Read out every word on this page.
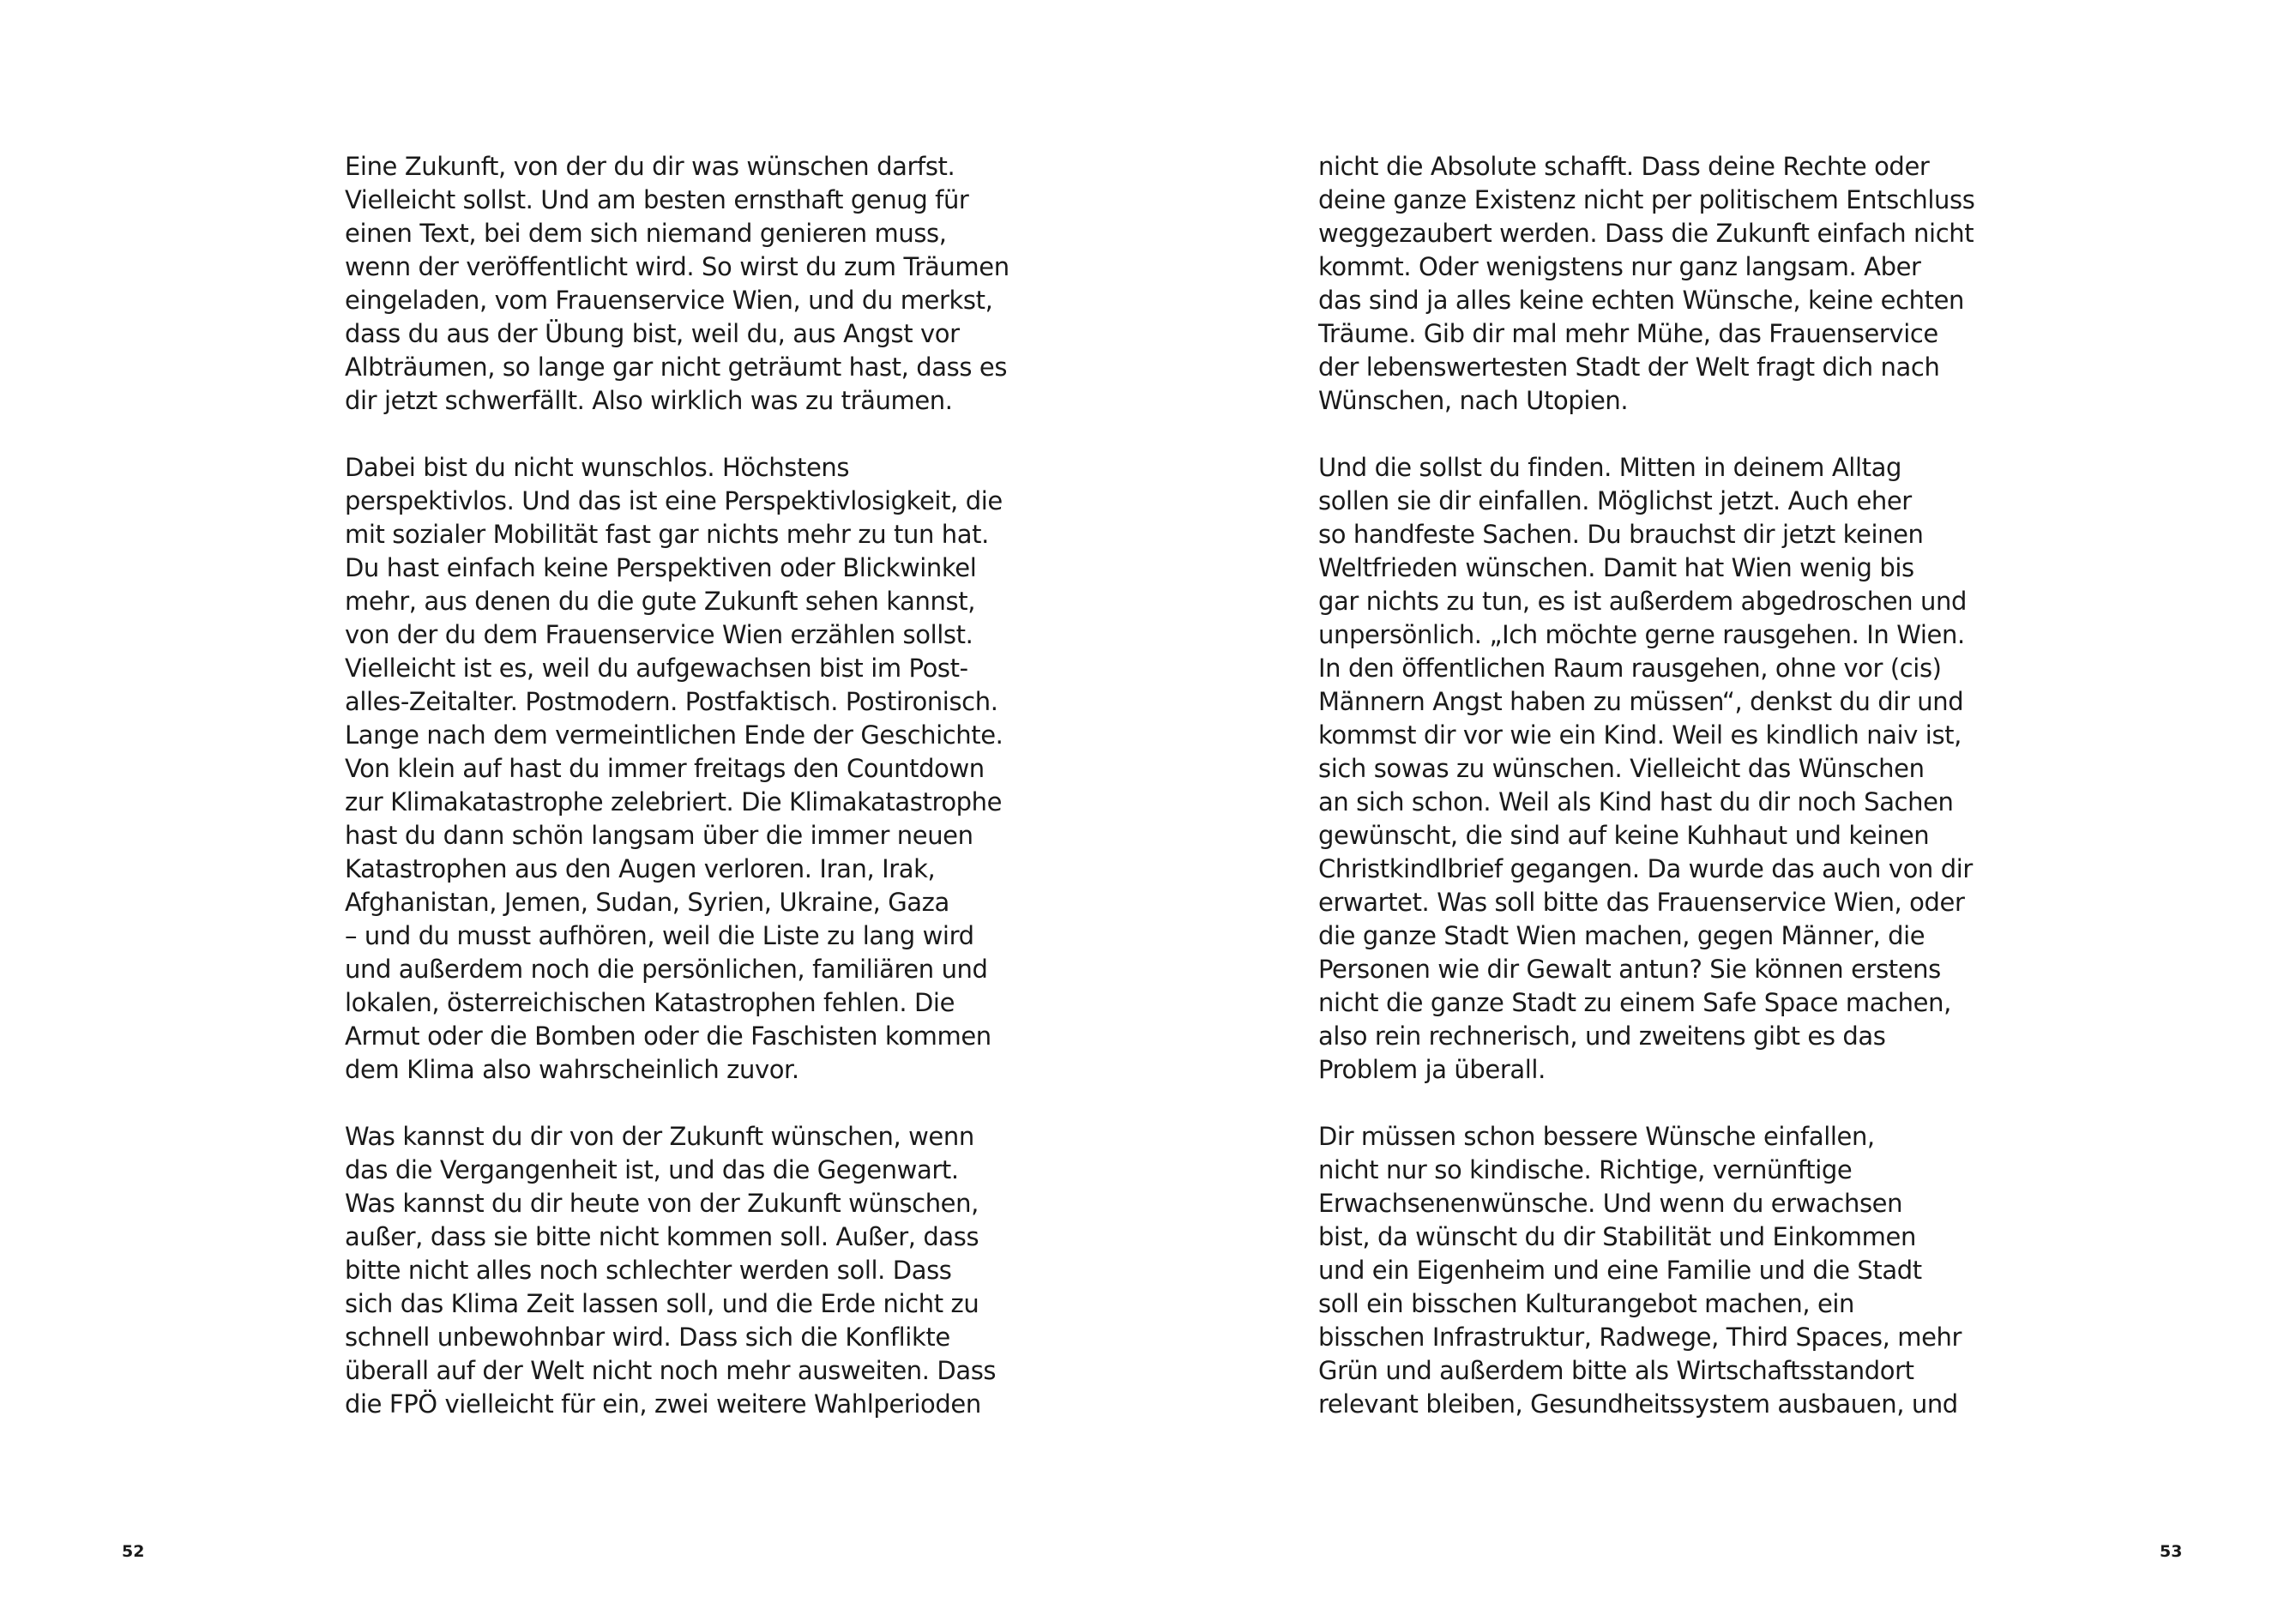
Eine Zukunft, von der du dir was wünschen darfst.
Vielleicht sollst. Und am besten ernsthaft genug für
einen Text, bei dem sich niemand genieren muss,
wenn der veröffentlicht wird. So wirst du zum Träumen
eingeladen, vom Frauenservice Wien, und du merkst,
dass du aus der Übung bist, weil du, aus Angst vor
Albträumen, so lange gar nicht geträumt hast, dass es
dir jetzt schwerfällt. Also wirklich was zu träumen.

Dabei bist du nicht wunschlos. Höchstens
perspektivlos. Und das ist eine Perspektivlosigkeit, die
mit sozialer Mobilität fast gar nichts mehr zu tun hat.
Du hast einfach keine Perspektiven oder Blickwinkel
mehr, aus denen du die gute Zukunft sehen kannst,
von der du dem Frauenservice Wien erzählen sollst.
Vielleicht ist es, weil du aufgewachsen bist im Post-
alles-Zeitalter. Postmodern. Postfaktisch. Postironisch.
Lange nach dem vermeintlichen Ende der Geschichte.
Von klein auf hast du immer freitags den Countdown
zur Klimakatastrophe zelebriert. Die Klimakatastrophe
hast du dann schön langsam über die immer neuen
Katastrophen aus den Augen verloren. Iran, Irak,
Afghanistan, Jemen, Sudan, Syrien, Ukraine, Gaza
– und du musst aufhören, weil die Liste zu lang wird
und außerdem noch die persönlichen, familiären und
lokalen, österreichischen Katastrophen fehlen. Die
Armut oder die Bomben oder die Faschisten kommen
dem Klima also wahrscheinlich zuvor.

Was kannst du dir von der Zukunft wünschen, wenn
das die Vergangenheit ist, und das die Gegenwart.
Was kannst du dir heute von der Zukunft wünschen,
außer, dass sie bitte nicht kommen soll. Außer, dass
bitte nicht alles noch schlechter werden soll. Dass
sich das Klima Zeit lassen soll, und die Erde nicht zu
schnell unbewohnbar wird. Dass sich die Konflikte
überall auf der Welt nicht noch mehr ausweiten. Dass
die FPÖ vielleicht für ein, zwei weitere Wahlperioden

52

nicht die Absolute schafft. Dass deine Rechte oder
deine ganze Existenz nicht per politischem Entschluss
weggezaubert werden. Dass die Zukunft einfach nicht
kommt. Oder wenigstens nur ganz langsam. Aber
das sind ja alles keine echten Wünsche, keine echten
Träume. Gib dir mal mehr Mühe, das Frauenservice
der lebenswertesten Stadt der Welt fragt dich nach
Wünschen, nach Utopien.

Und die sollst du finden. Mitten in deinem Alltag
sollen sie dir einfallen. Möglichst jetzt. Auch eher
so handfeste Sachen. Du brauchst dir jetzt keinen
Weltfrieden wünschen. Damit hat Wien wenig bis
gar nichts zu tun, es ist außerdem abgedroschen und
unpersönlich. „Ich möchte gerne rausgehen. In Wien.
In den öffentlichen Raum rausgehen, ohne vor (cis)
Männern Angst haben zu müssen“, denkst du dir und
kommst dir vor wie ein Kind. Weil es kindlich naiv ist,
sich sowas zu wünschen. Vielleicht das Wünschen
an sich schon. Weil als Kind hast du dir noch Sachen
gewünscht, die sind auf keine Kuhhaut und keinen
Christkindlbrief gegangen. Da wurde das auch von dir
erwartet. Was soll bitte das Frauenservice Wien, oder
die ganze Stadt Wien machen, gegen Männer, die
Personen wie dir Gewalt antun? Sie können erstens
nicht die ganze Stadt zu einem Safe Space machen,
also rein rechnerisch, und zweitens gibt es das
Problem ja überall.

Dir müssen schon bessere Wünsche einfallen,
nicht nur so kindische. Richtige, vernünftige
Erwachsenenwünsche. Und wenn du erwachsen
bist, da wünscht du dir Stabilität und Einkommen
und ein Eigenheim und eine Familie und die Stadt
soll ein bisschen Kulturangebot machen, ein
bisschen Infrastruktur, Radwege, Third Spaces, mehr
Grün und außerdem bitte als Wirtschaftsstandort
relevant bleiben, Gesundheitssystem ausbauen, und

53
